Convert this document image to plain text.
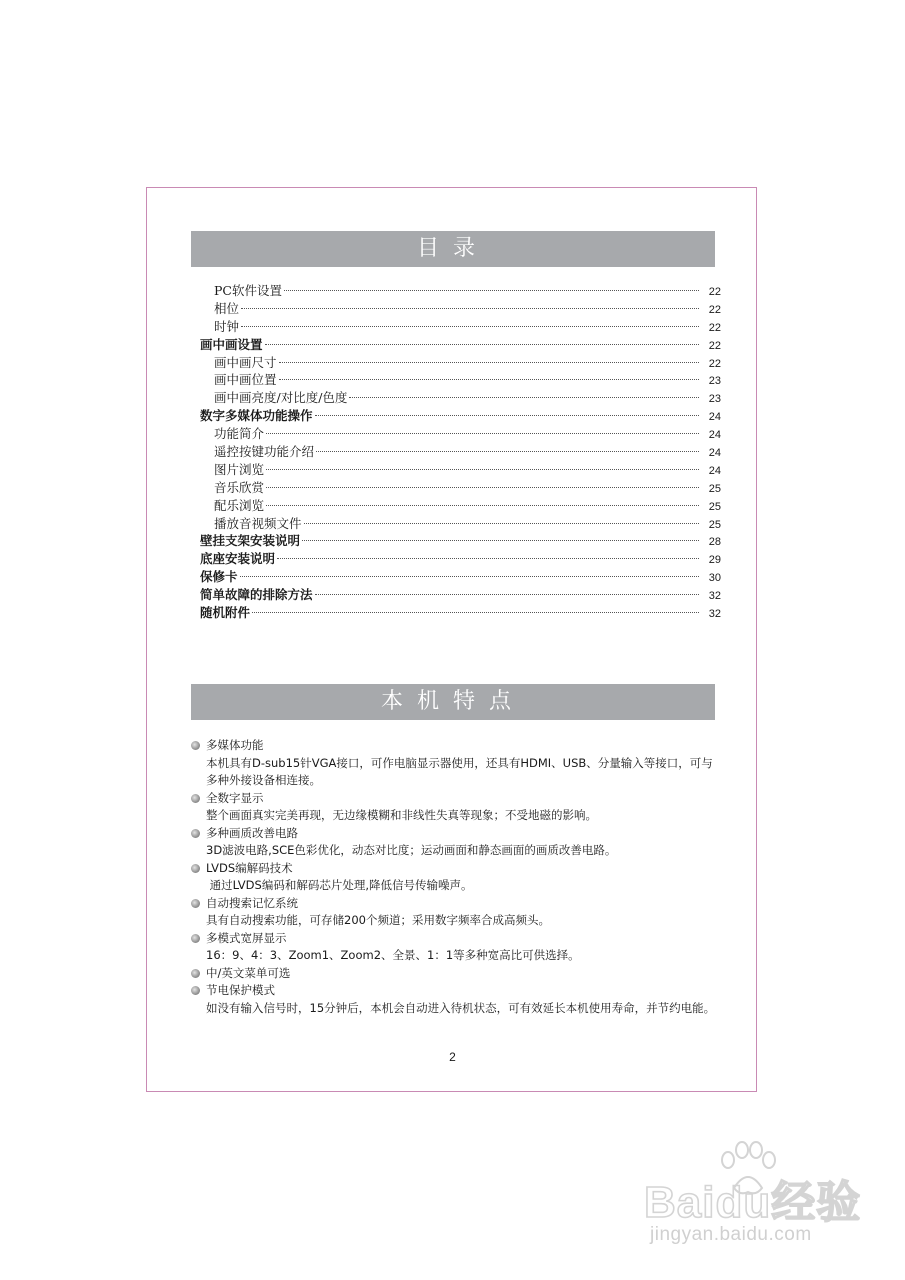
目录
PC软件设置	22
相位	22
时钟	22
画中画设置	22
画中画尺寸	22
画中画位置	23
画中画亮度/对比度/色度	23
数字多媒体功能操作	24
功能简介	24
遥控按键功能介绍	24
图片浏览	24
音乐欣赏	25
配乐浏览	25
播放音视频文件	25
壁挂支架安装说明	28
底座安装说明	29
保修卡	30
简单故障的排除方法	32
随机附件	32
本机特点
多媒体功能
本机具有D-sub15针VGA接口，可作电脑显示器使用，还具有HDMI、USB、分量输入等接口，可与
多种外接设备相连接。
全数字显示
整个画面真实完美再现，无边缘模糊和非线性失真等现象；不受地磁的影响。
多种画质改善电路
3D滤波电路,SCE色彩优化，动态对比度；运动画面和静态画面的画质改善电路。
LVDS编解码技术
通过LVDS编码和解码芯片处理,降低信号传输噪声。
自动搜索记忆系统
具有自动搜索功能，可存储200个频道；采用数字频率合成高频头。
多模式宽屏显示
16：9、4：3、Zoom1、Zoom2、全景、1：1等多种宽高比可供选择。
中/英文菜单可选
节电保护模式
如没有输入信号时，15分钟后，本机会自动进入待机状态，可有效延长本机使用寿命，并节约电能。
2
Baidu经验
jingyan.baidu.com
